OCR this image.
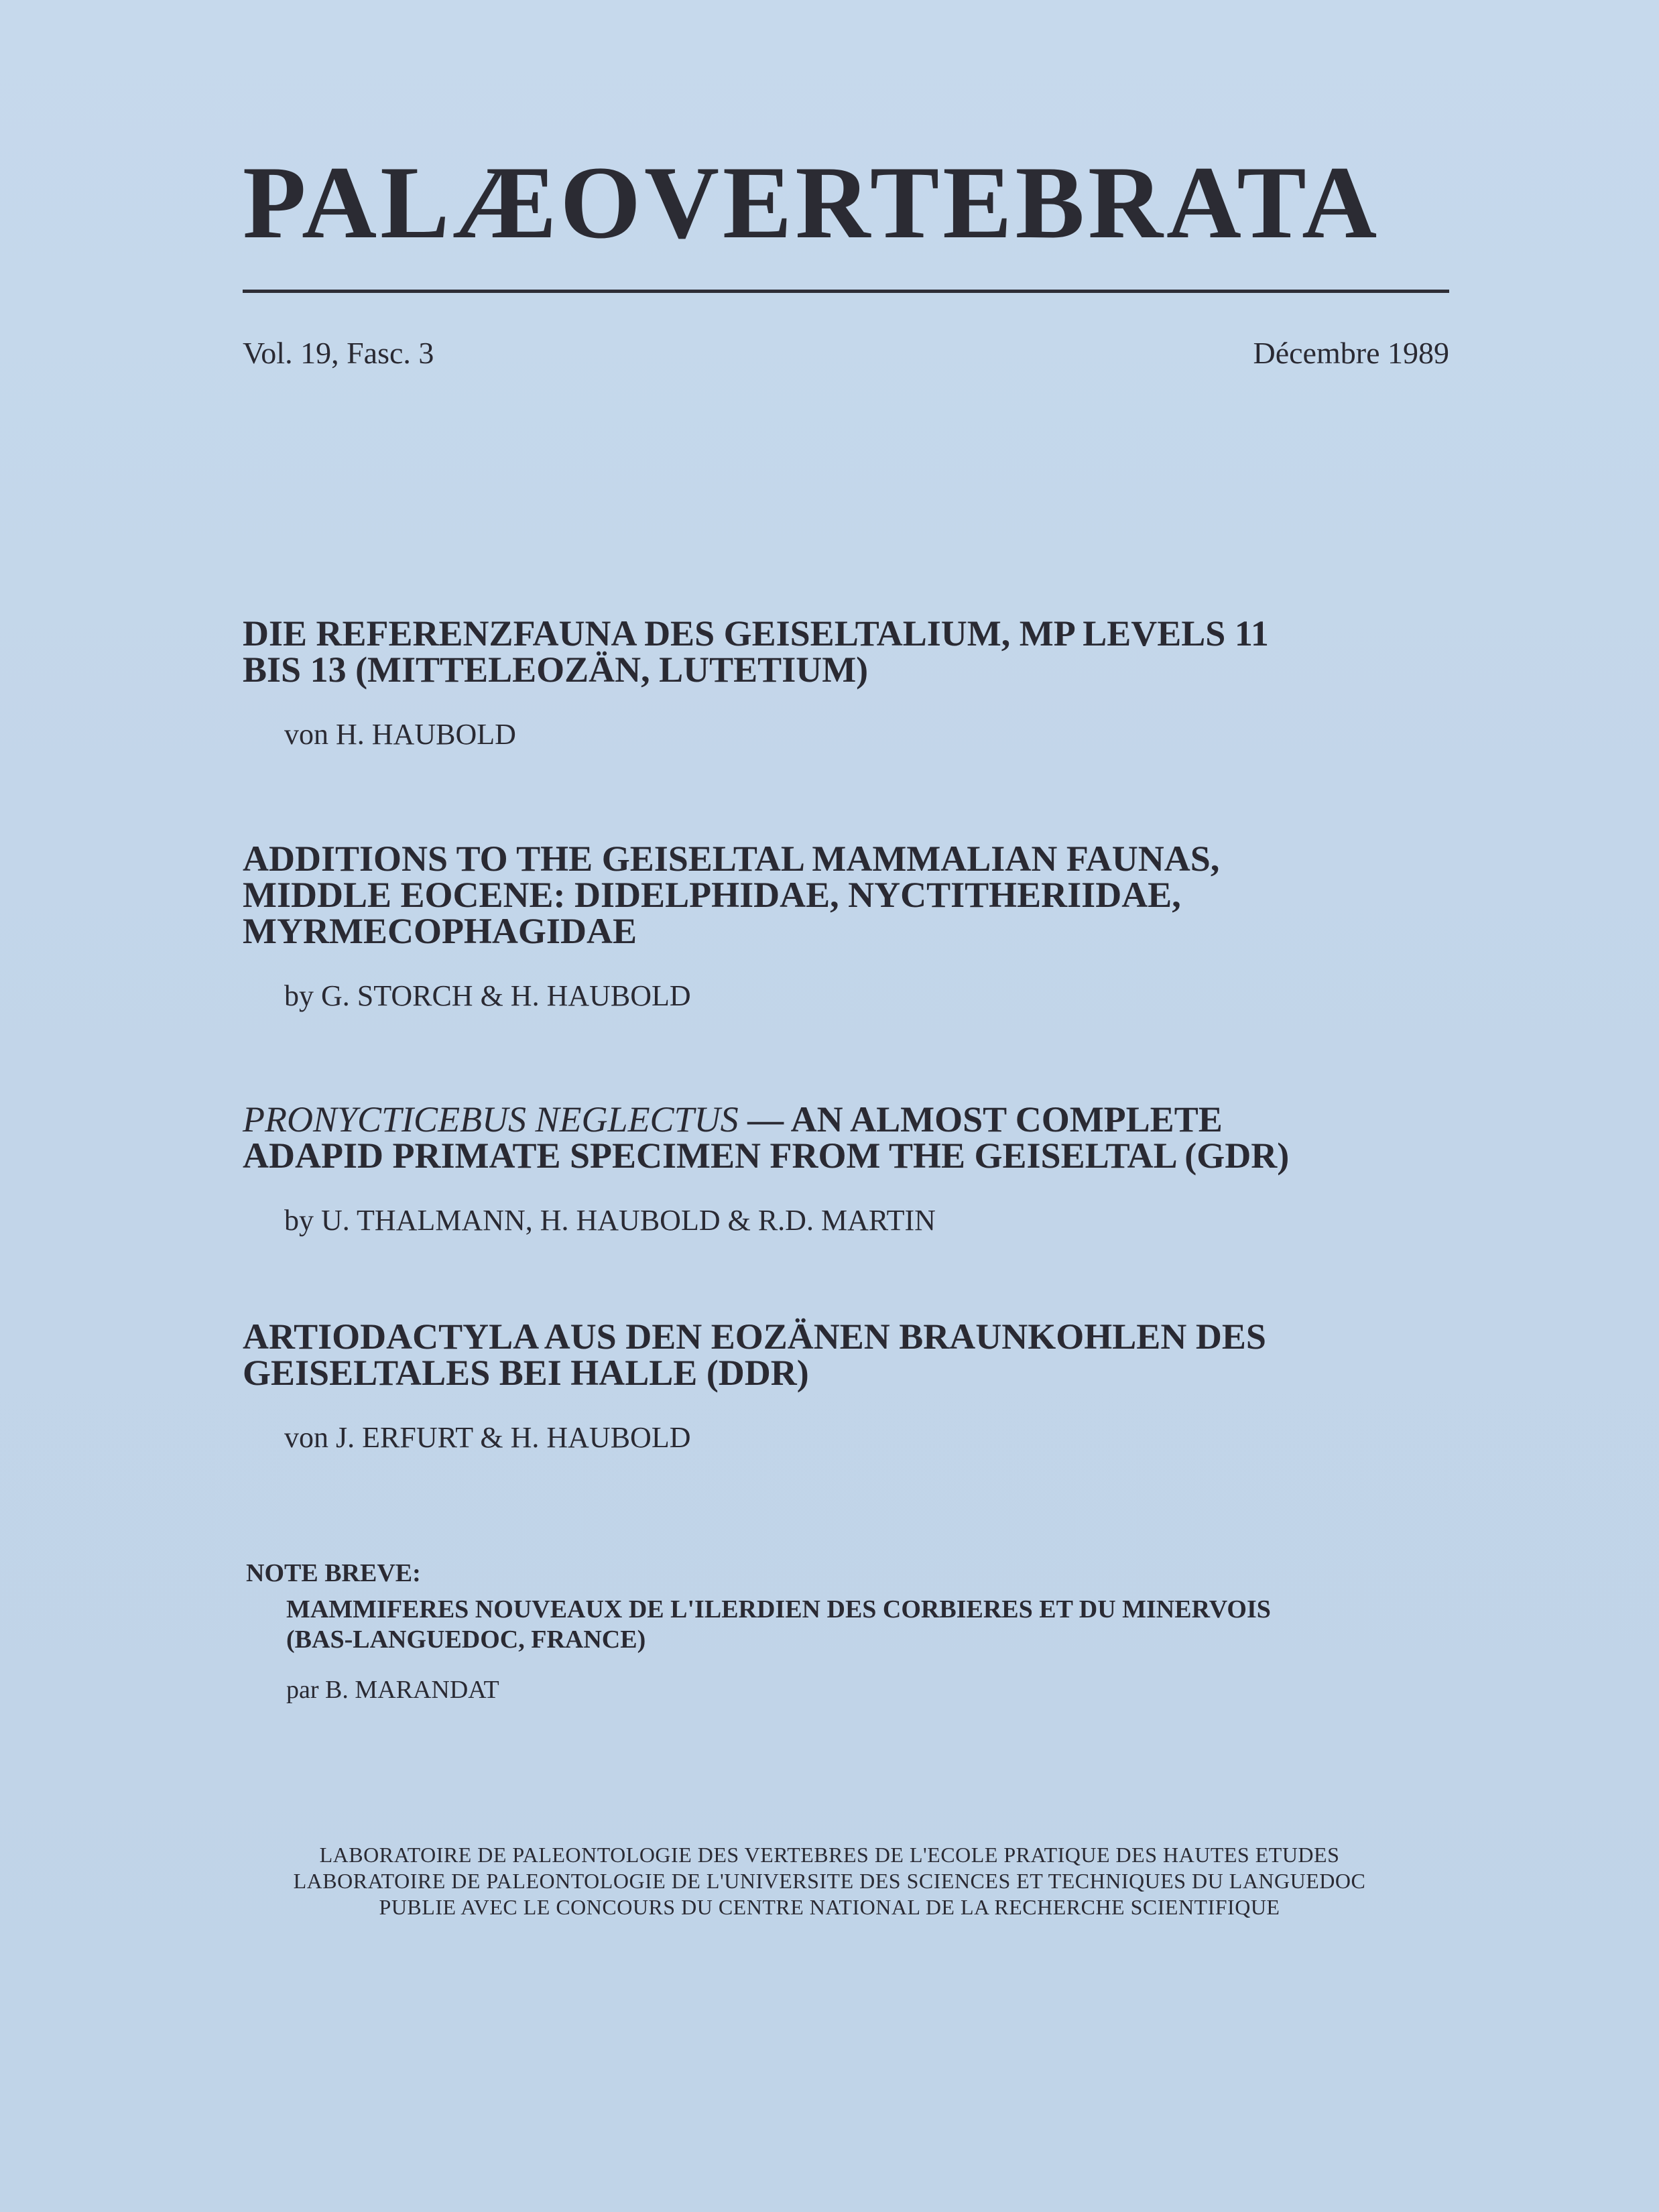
PALÆOVERTEBRATA
Vol. 19, Fasc. 3	Décembre 1989
DIE REFERENZFAUNA DES GEISELTALIUM, MP LEVELS 11
BIS 13 (MITTELEOZÄN, LUTETIUM)
von H. HAUBOLD
ADDITIONS TO THE GEISELTAL MAMMALIAN FAUNAS,
MIDDLE EOCENE: DIDELPHIDAE, NYCTITHERIIDAE,
MYRMECOPHAGIDAE
by G. STORCH & H. HAUBOLD
PRONYCTICEBUS NEGLECTUS — AN ALMOST COMPLETE
ADAPID PRIMATE SPECIMEN FROM THE GEISELTAL (GDR)
by U. THALMANN, H. HAUBOLD & R.D. MARTIN
ARTIODACTYLA AUS DEN EOZÄNEN BRAUNKOHLEN DES
GEISELTALES BEI HALLE (DDR)
von J. ERFURT & H. HAUBOLD
NOTE BREVE:
MAMMIFERES NOUVEAUX DE L'ILERDIEN DES CORBIERES ET DU MINERVOIS
(BAS-LANGUEDOC, FRANCE)
par B. MARANDAT
LABORATOIRE DE PALEONTOLOGIE DES VERTEBRES DE L'ECOLE PRATIQUE DES HAUTES ETUDES
LABORATOIRE DE PALEONTOLOGIE DE L'UNIVERSITE DES SCIENCES ET TECHNIQUES DU LANGUEDOC
PUBLIE AVEC LE CONCOURS DU CENTRE NATIONAL DE LA RECHERCHE SCIENTIFIQUE
